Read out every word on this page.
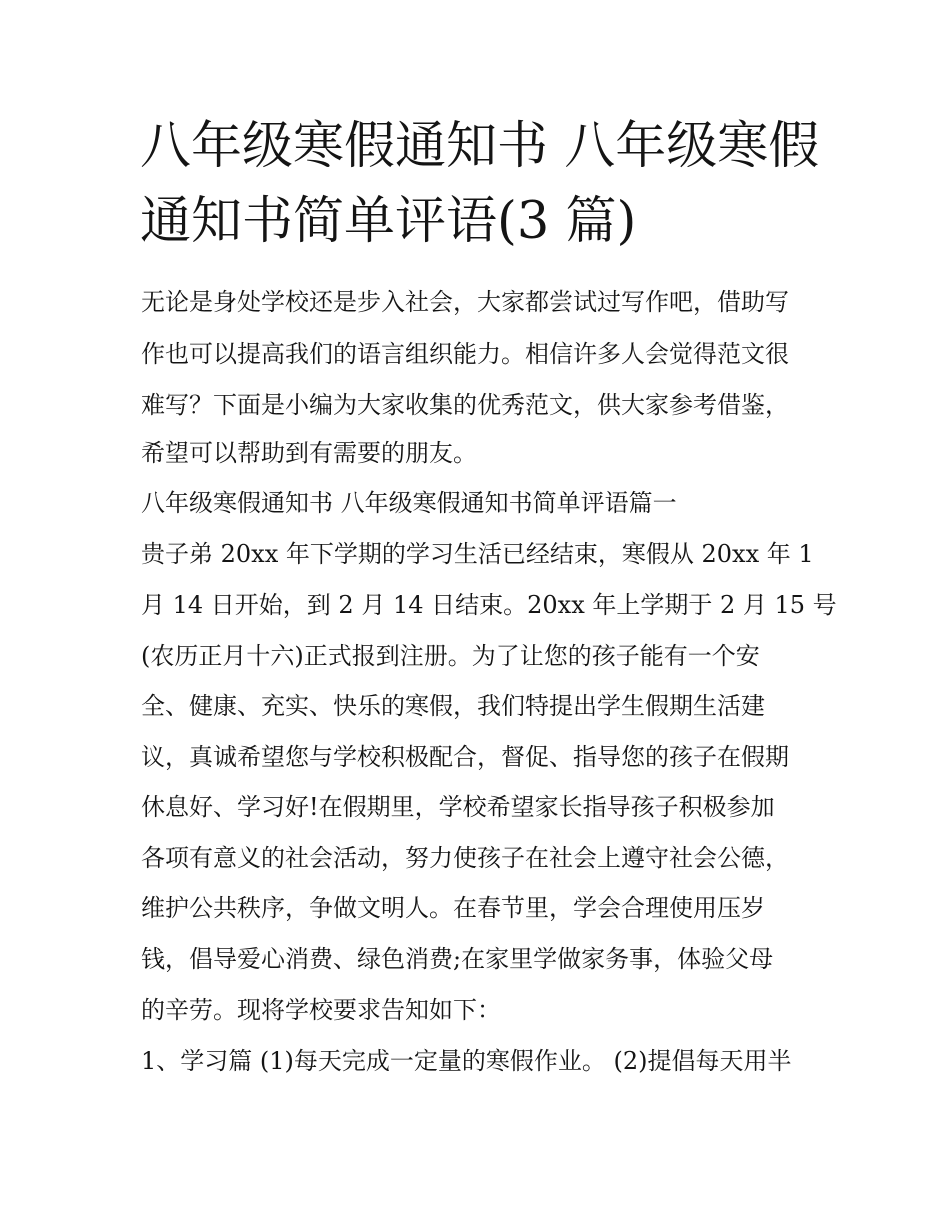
八年级寒假通知书 八年级寒假
通知书简单评语(3 篇)
无论是身处学校还是步入社会，大家都尝试过写作吧，借助写
作也可以提高我们的语言组织能力。相信许多人会觉得范文很
难写？下面是小编为大家收集的优秀范文，供大家参考借鉴，
希望可以帮助到有需要的朋友。
八年级寒假通知书 八年级寒假通知书简单评语篇一
贵子弟 20xx 年下学期的学习生活已经结束，寒假从 20xx 年 1
月 14 日开始，到 2 月 14 日结束。20xx 年上学期于 2 月 15 号
(农历正月十六)正式报到注册。为了让您的孩子能有一个安
全、健康、充实、快乐的寒假，我们特提出学生假期生活建
议，真诚希望您与学校积极配合，督促、指导您的孩子在假期
休息好、学习好!在假期里，学校希望家长指导孩子积极参加
各项有意义的社会活动，努力使孩子在社会上遵守社会公德，
维护公共秩序，争做文明人。在春节里，学会合理使用压岁
钱，倡导爱心消费、绿色消费;在家里学做家务事，体验父母
的辛劳。现将学校要求告知如下：
1、学习篇 (1)每天完成一定量的寒假作业。 (2)提倡每天用半
